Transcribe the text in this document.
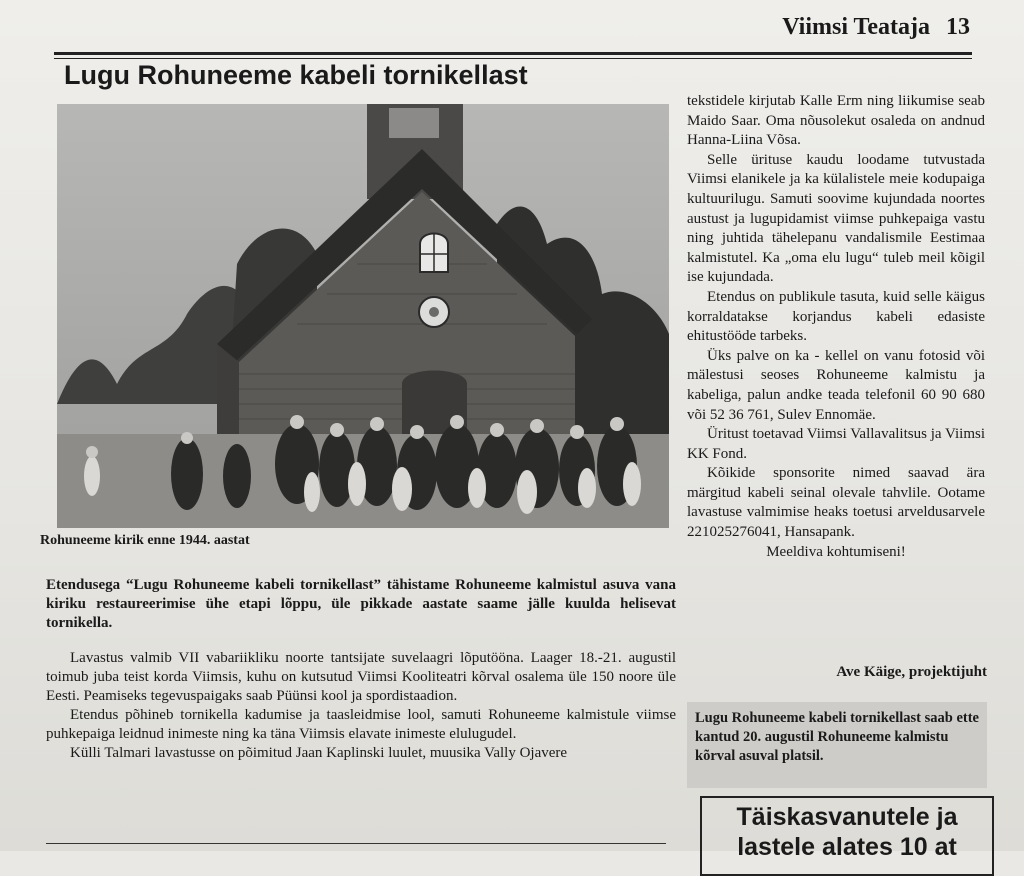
Viimsi Teataja 13
Lugu Rohuneeme kabeli tornikellast
Rohuneeme kirik enne 1944. aastat
Etendusega “Lugu Rohuneeme kabeli tornikellast” tähistame Rohuneeme kalmistul asuva vana kiriku restaureerimise ühe etapi lõppu, üle pikkade aastate saame jälle kuulda helisevat tornikella.

Lavastus valmib VII vabariikliku noorte tantsijate suvelaagri lõputööna. Laager 18.-21. augustil toimub juba teist korda Viimsis, kuhu on kutsutud Viimsi Kooliteatri kõrval osalema üle 150 noore üle Eesti. Peamiseks tegevuspaigaks saab Püünsi kool ja spordistaadion.

Etendus põhineb tornikella kadumise ja taasleidmise lool, samuti Rohuneeme kalmistule viimse puhkepaiga leidnud inimeste ning ka täna Viimsis elavate inimeste elulugudel.

Külli Talmari lavastusse on põimitud Jaan Kaplinski luulet, muusika Vally Ojavere

tekstidele kirjutab Kalle Erm ning liikumise seab Maido Saar. Oma nõusolekut osaleda on andnud Hanna-Liina Võsa.

Selle ürituse kaudu loodame tutvustada Viimsi elanikele ja ka külalistele meie kodupaiga kultuurilugu. Samuti soovime kujundada noortes austust ja lugupidamist viimse puhkepaiga vastu ning juhtida tähelepanu vandalismile Eestimaa kalmistutel. Ka „oma elu lugu“ tuleb meil kõigil ise kujundada.

Etendus on publikule tasuta, kuid selle käigus korraldatakse korjandus kabeli edasiste ehitustööde tarbeks.

Üks palve on ka - kellel on vanu fotosid või mälestusi seoses Rohuneeme kalmistu ja kabeliga, palun andke teada telefonil 60 90 680 või 52 36 761, Sulev Ennomäe.

Üritust toetavad Viimsi Vallavalitsus ja Viimsi KK Fond.

Kõikide sponsorite nimed saavad ära märgitud kabeli seinal olevale tahvlile. Ootame lavastuse valmimise heaks toetusi arveldusarvele 221025276041, Hansapank.

Meeldiva kohtumiseni!

Ave Käige, projektijuht
Lugu Rohuneeme kabeli tornikellast saab ette kantud 20. augustil Rohuneeme kalmistu kõrval asuval platsil.
Täiskasvanutele ja lastele alates 10 at
